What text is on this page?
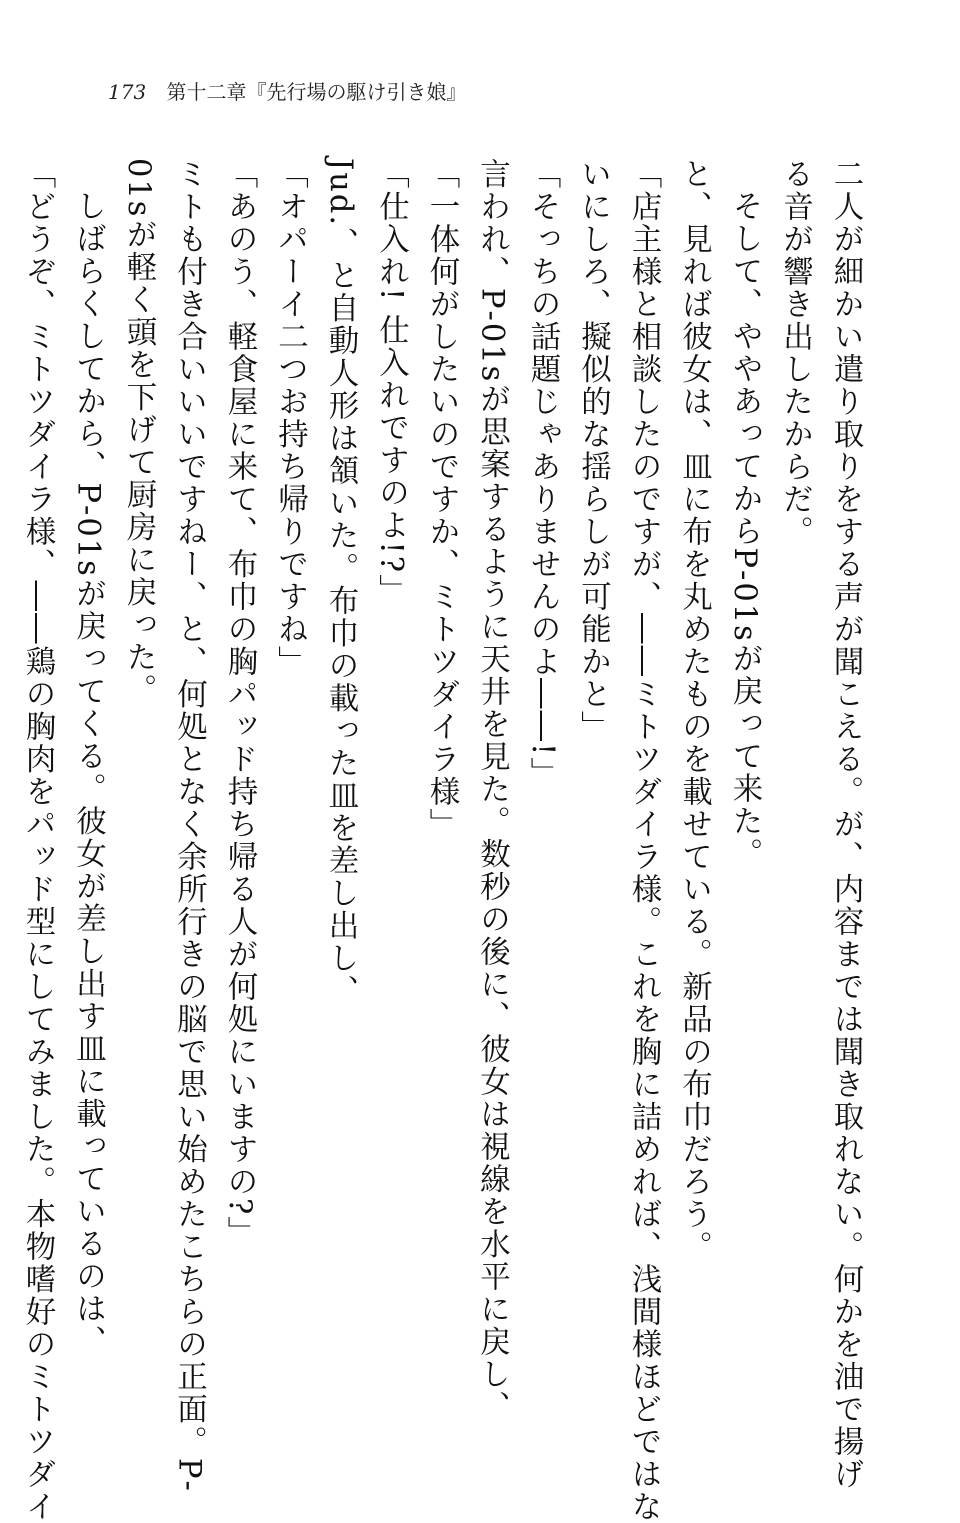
173 第十二章『先行場の駆け引き娘』
二人が細かい遣り取りをする声が聞こえる。が、内容までは聞き取れない。何かを油で揚げ
る音が響き出したからだ。
そして、ややあってからP‐01sが戻って来た。
と、見れば彼女は、皿に布を丸めたものを載せている。新品の布巾だろう。
「店主様と相談したのですが、――ミトツダイラ様。これを胸に詰めれば、浅間様ほどではな
いにしろ、擬似的な揺らしが可能かと」
「そっちの話題じゃありませんのよ――!」
言われ、P‐01sが思案するように天井を見た。数秒の後に、彼女は視線を水平に戻し、
「一体何がしたいのですか、ミトツダイラ様」
「仕入れ! 仕入れですのよ!?」
Jud.、と自動人形は頷いた。布巾の載った皿を差し出し、
「オパーイ二つお持ち帰りですね」
「あのう、軽食屋に来て、布巾の胸パッド持ち帰る人が何処にいますの?」
ミトも付き合いいいですねー、と、何処となく余所行きの脳で思い始めたこちらの正面。P‐
01sが軽く頭を下げて厨房に戻った。
しばらくしてから、P‐01sが戻ってくる。彼女が差し出す皿に載っているのは、
「どうぞ、ミトツダイラ様、――鶏の胸肉をパッド型にしてみました。本物嗜好のミトツダイ
